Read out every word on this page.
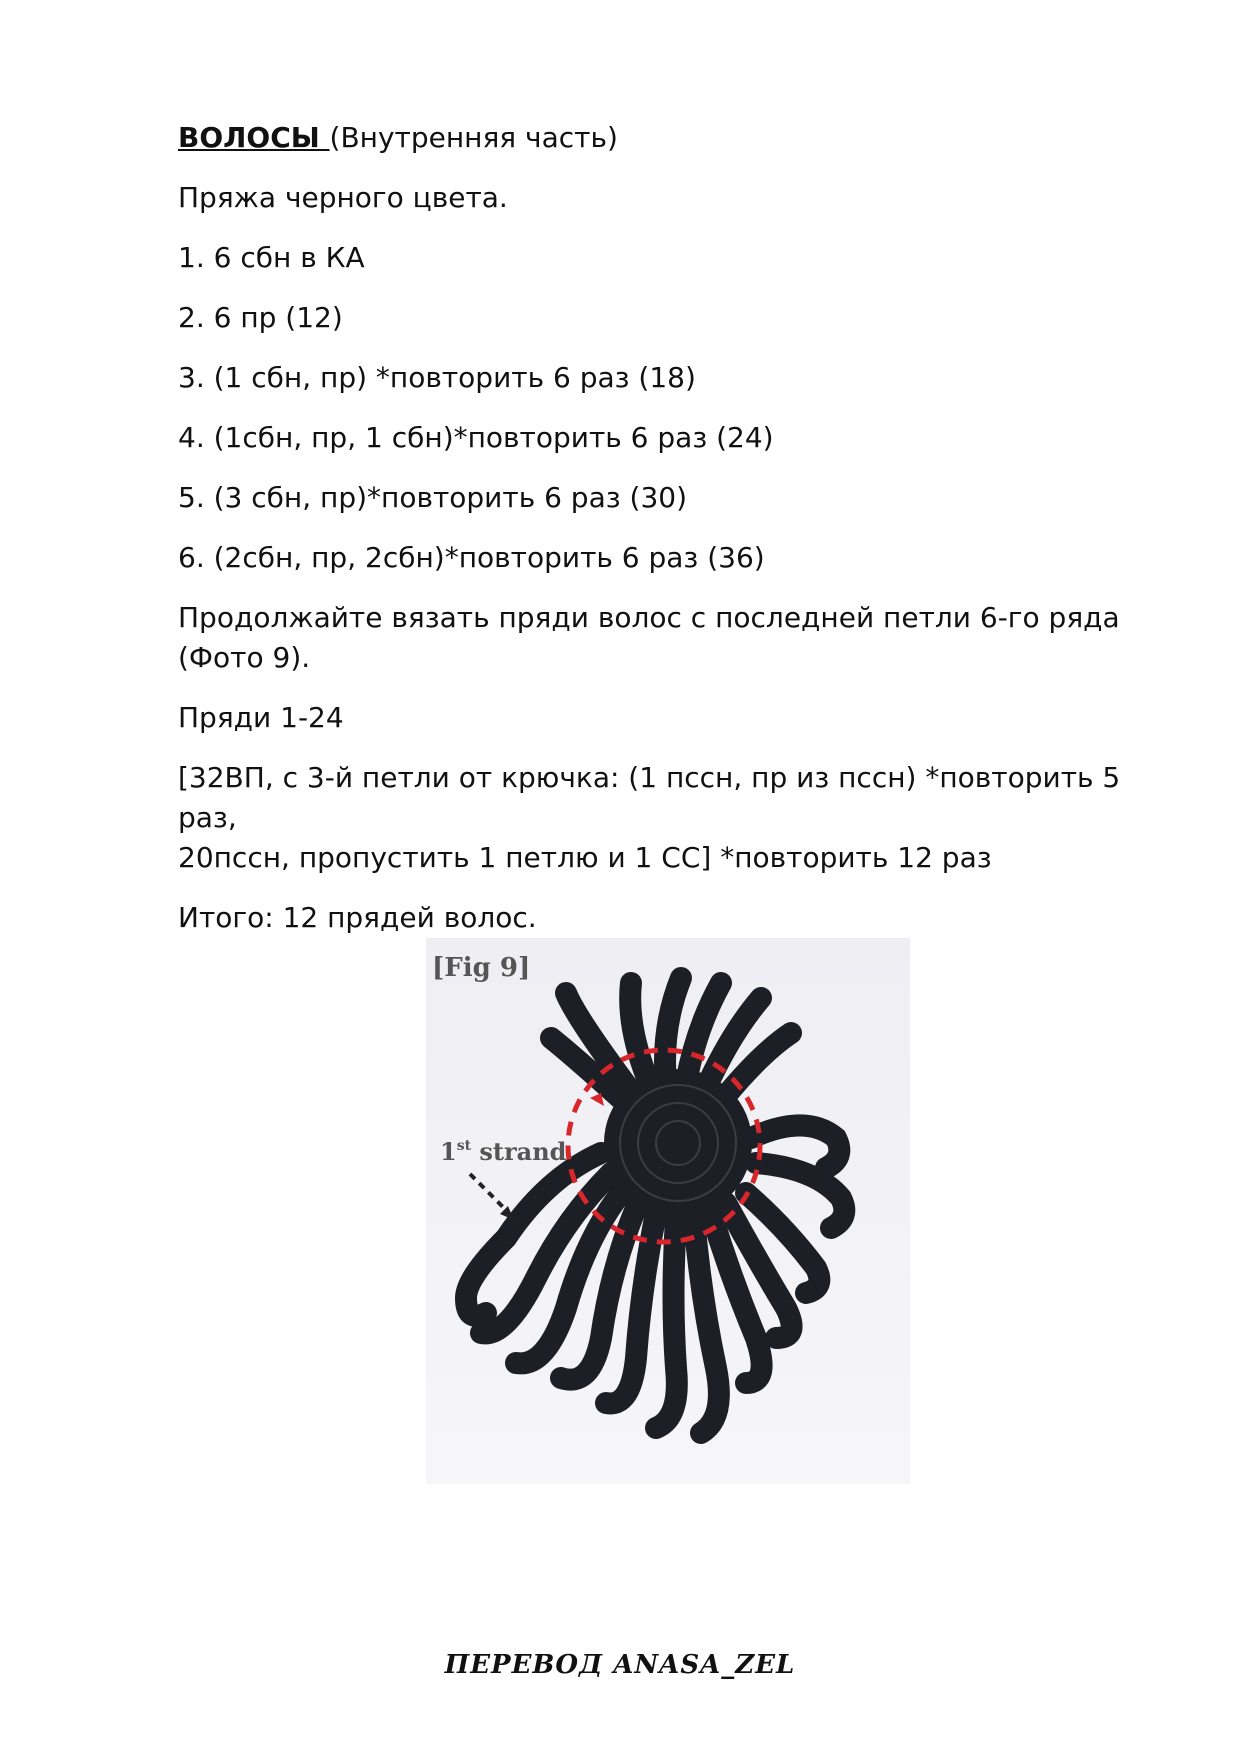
ВОЛОСЫ (Внутренняя часть)

Пряжа черного цвета.

1. 6 сбн в КА

2. 6 пр (12)

3. (1 сбн, пр) *повторить 6 раз (18)

4. (1сбн, пр, 1 сбн)*повторить 6 раз (24)

5. (3 сбн, пр)*повторить 6 раз (30)

6. (2сбн, пр, 2сбн)*повторить 6 раз (36)

Продолжайте вязать пряди волос с последней петли 6-го ряда

(Фото 9).

Пряди 1-24

[32ВП, с 3-й петли от крючка: (1 пссн, пр из пссн) *повторить 5 раз,

20пссн, пропустить 1 петлю и 1 СС] *повторить 12 раз

Итого: 12 прядей волос.

[Fig 9]
1st strand
ПЕРЕВОД ANASA_ZEL
